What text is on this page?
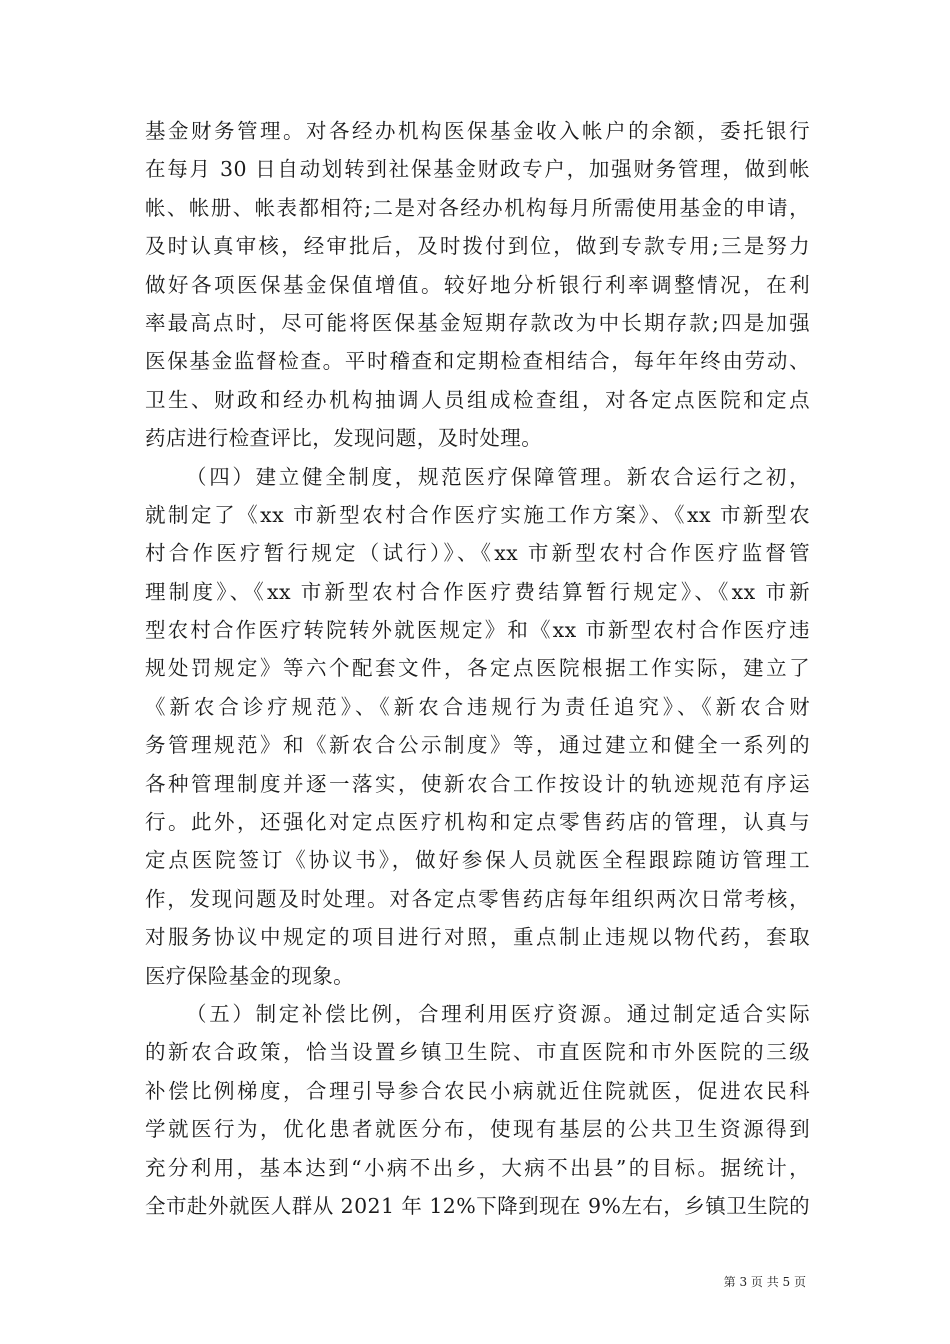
基金财务管理。对各经办机构医保基金收入帐户的余额，委托银行
在每月 30 日自动划转到社保基金财政专户，加强财务管理，做到帐
帐、帐册、帐表都相符;二是对各经办机构每月所需使用基金的申请，
及时认真审核，经审批后，及时拨付到位，做到专款专用;三是努力
做好各项医保基金保值增值。较好地分析银行利率调整情况，在利
率最高点时，尽可能将医保基金短期存款改为中长期存款;四是加强
医保基金监督检查。平时稽查和定期检查相结合，每年年终由劳动、
卫生、财政和经办机构抽调人员组成检查组，对各定点医院和定点
药店进行检查评比，发现问题，及时处理。
（四）建立健全制度，规范医疗保障管理。新农合运行之初，
就制定了《xx 市新型农村合作医疗实施工作方案》、《xx 市新型农
村合作医疗暂行规定（试行）》、《xx 市新型农村合作医疗监督管
理制度》、《xx 市新型农村合作医疗费结算暂行规定》、《xx 市新
型农村合作医疗转院转外就医规定》和《xx 市新型农村合作医疗违
规处罚规定》等六个配套文件，各定点医院根据工作实际，建立了
《新农合诊疗规范》、《新农合违规行为责任追究》、《新农合财
务管理规范》和《新农合公示制度》等，通过建立和健全一系列的
各种管理制度并逐一落实，使新农合工作按设计的轨迹规范有序运
行。此外，还强化对定点医疗机构和定点零售药店的管理，认真与
定点医院签订《协议书》，做好参保人员就医全程跟踪随访管理工
作，发现问题及时处理。对各定点零售药店每年组织两次日常考核，
对服务协议中规定的项目进行对照，重点制止违规以物代药，套取
医疗保险基金的现象。
（五）制定补偿比例，合理利用医疗资源。通过制定适合实际
的新农合政策，恰当设置乡镇卫生院、市直医院和市外医院的三级
补偿比例梯度，合理引导参合农民小病就近住院就医，促进农民科
学就医行为，优化患者就医分布，使现有基层的公共卫生资源得到
充分利用，基本达到“小病不出乡，大病不出县”的目标。据统计，
全市赴外就医人群从 2021 年 12%下降到现在 9%左右，乡镇卫生院的
第 3 页 共 5 页
